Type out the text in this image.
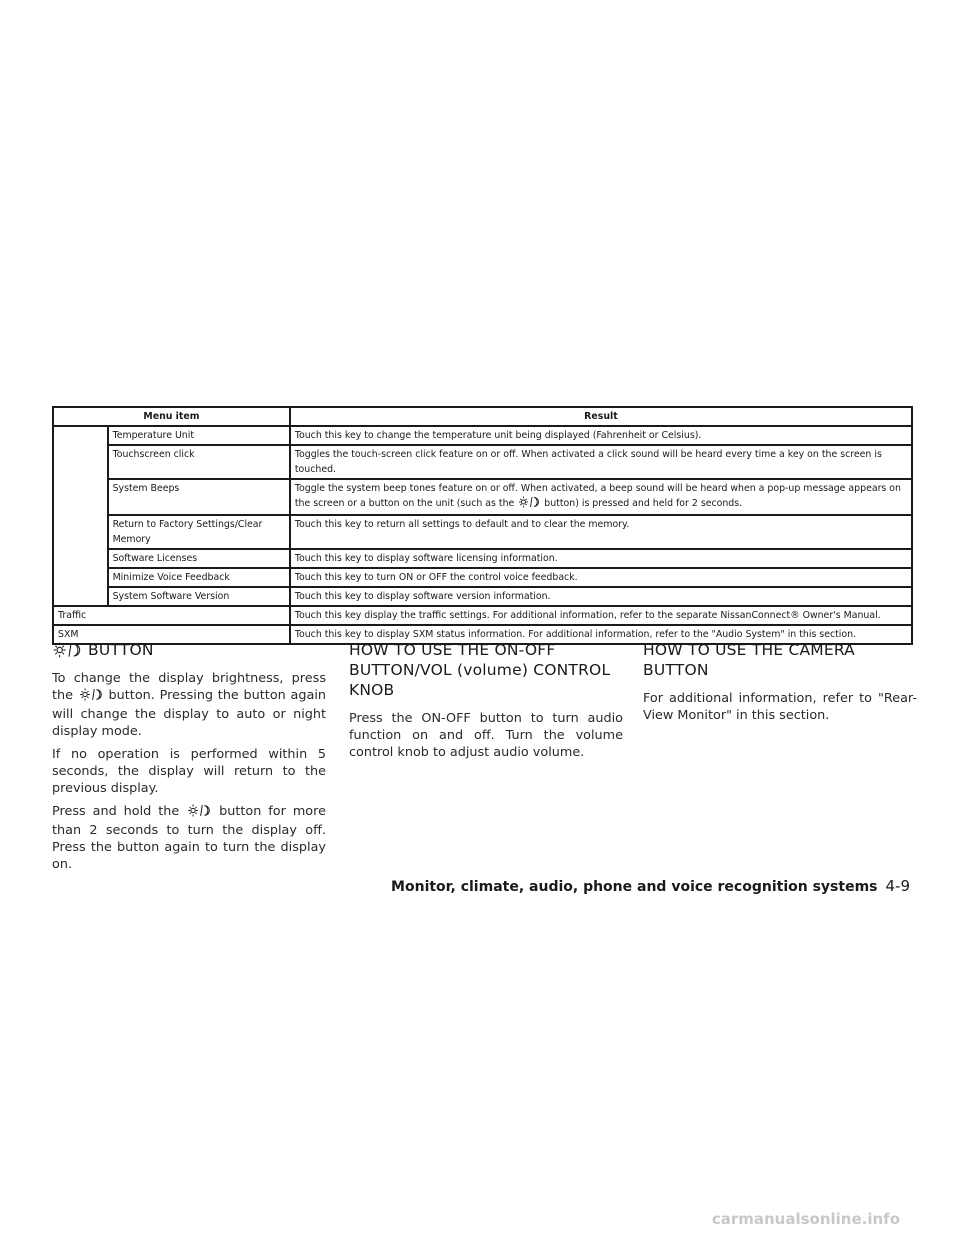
Menu item		Result
	Temperature Unit	Touch this key to change the temperature unit being displayed (Fahrenheit or Celsius).
	Touchscreen click	Toggles the touch-screen click feature on or off. When activated a click sound will be heard every time a key on the screen is touched.
	System Beeps	Toggle the system beep tones feature on or off. When activated, a beep sound will be heard when a pop-up message appears on the screen or a button on the unit (such as the button) is pressed and held for 2 seconds.
	Return to Factory Settings/Clear Memory	Touch this key to return all settings to default and to clear the memory.
	Software Licenses	Touch this key to display software licensing information.
	Minimize Voice Feedback	Touch this key to turn ON or OFF the control voice feedback.
	System Software Version	Touch this key to display software version information.
Traffic		Touch this key display the traffic settings. For additional information, refer to the separate NissanConnect® Owner's Manual.
SXM		Touch this key to display SXM status information. For additional information, refer to the "Audio System" in this section.
BUTTON

To change the display brightness, press the	button. Pressing the button again will change the display to auto or night display mode.

If no operation is performed within 5 seconds, the display will return to the previous display.

Press and hold the	button for more than 2 seconds to turn the display off. Press the button again to turn the display on.

HOW TO USE THE ON-OFF BUTTON/VOL (volume) CONTROL KNOB

Press the ON-OFF button to turn audio function on and off. Turn the volume control knob to adjust audio volume.

HOW TO USE THE CAMERA BUTTON

For additional information, refer to "Rear-View Monitor" in this section.

Monitor, climate, audio, phone and voice recognition systems 4-9
carmanualsonline.info
